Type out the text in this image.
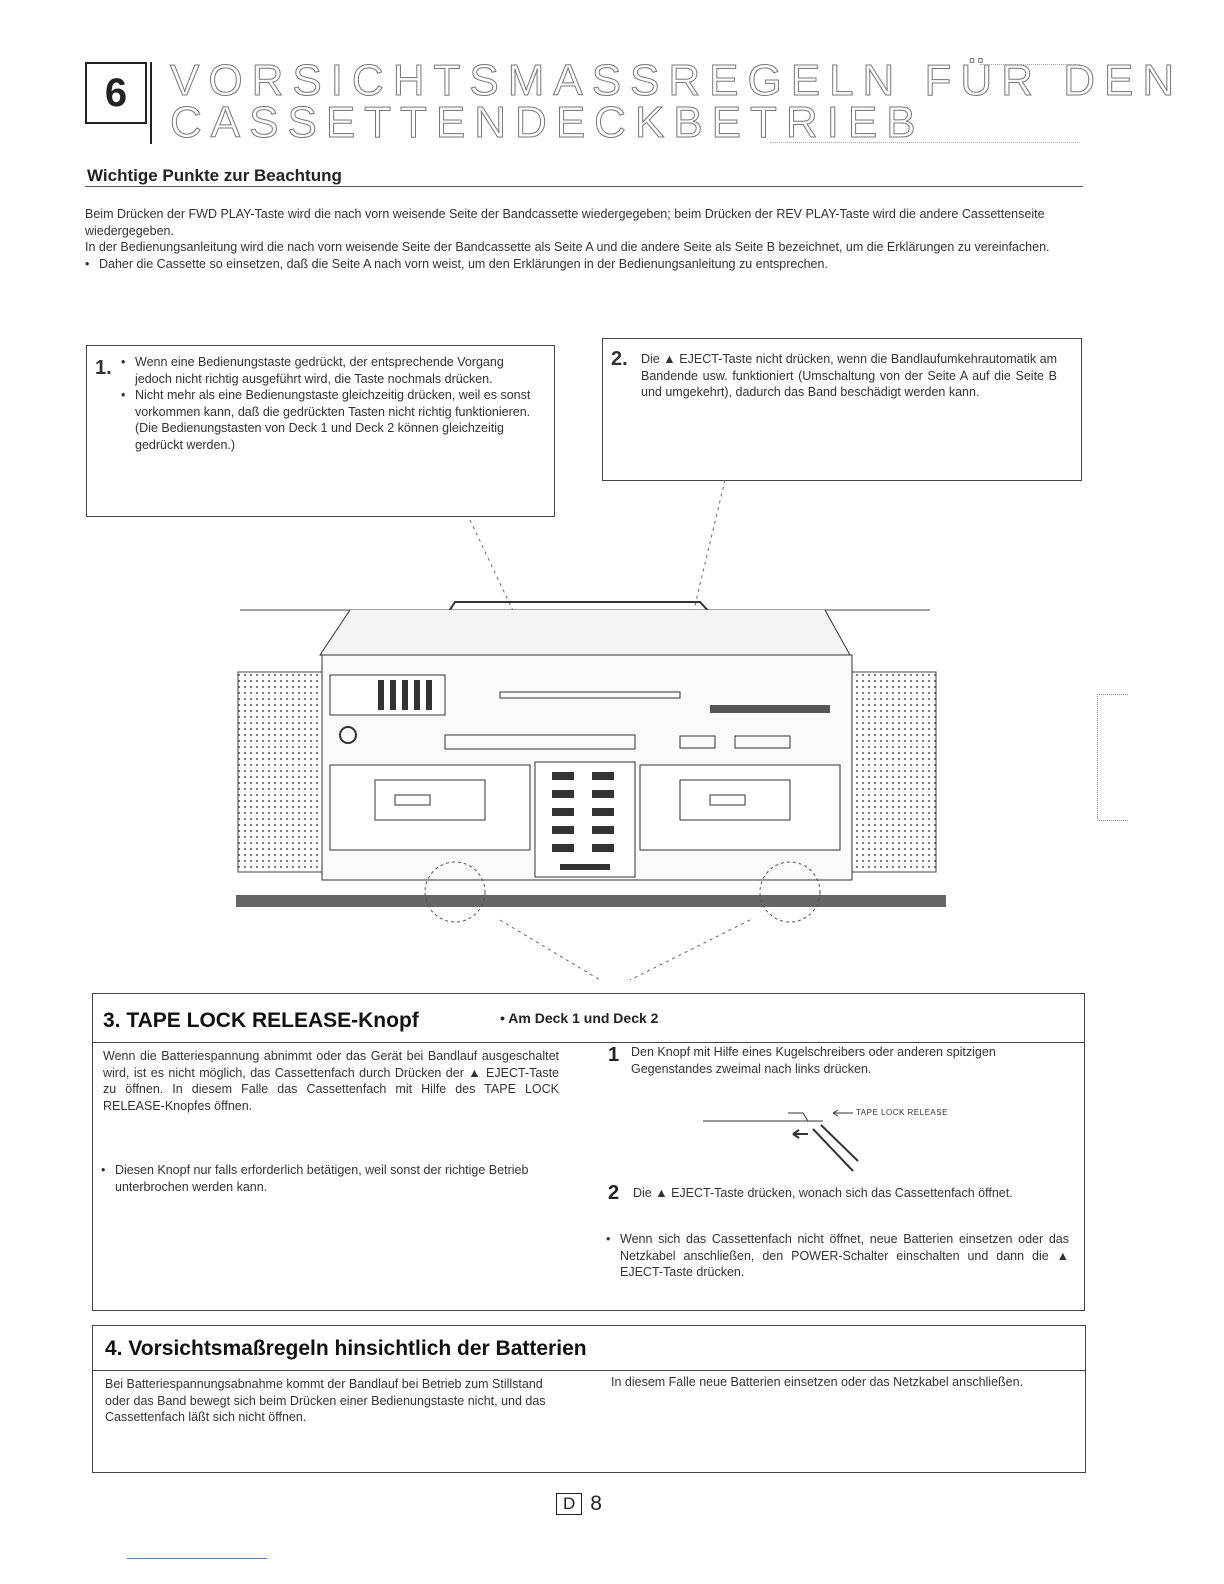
6 VORSICHTSMASSREGELN FÜR DEN
CASSETTENDECKBETRIEB
Wichtige Punkte zur Beachtung

Beim Drücken der FWD PLAY-Taste wird die nach vorn weisende Seite der Bandcassette wiedergegeben; beim Drücken der REV PLAY-Taste wird die andere Cassettenseite wiedergegeben.

In der Bedienungsanleitung wird die nach vorn weisende Seite der Bandcassette als Seite A und die andere Seite als Seite B bezeichnet, um die Erklärungen zu vereinfachen.

• Daher die Cassette so einsetzen, daß die Seite A nach vorn weist, um den Erklärungen in der Bedienungsanleitung zu entsprechen.
1.
•	Wenn eine Bedienungstaste gedrückt, der entsprechende Vorgang jedoch nicht richtig ausgeführt wird, die Taste nochmals drücken.
• Nicht mehr als eine Bedienungstaste gleichzeitig drücken, weil es sonst vorkommen kann, daß die gedrückten Tasten nicht richtig funktionieren.
(Die Bedienungstasten von Deck 1 und Deck 2 können gleichzeitig gedrückt werden.)
2. Die ▲ EJECT-Taste nicht drücken, wenn die Bandlaufumkehrautomatik am Bandende usw. funktioniert (Umschaltung von der Seite A auf die Seite B und umgekehrt), dadurch das Band beschädigt werden kann.
3. TAPE LOCK RELEASE-Knopf	• Am Deck 1 und Deck 2
Wenn die Batteriespannung abnimmt oder das Gerät bei Bandlauf ausgeschaltet wird, ist es nicht möglich, das Cassettenfach durch Drücken der ▲ EJECT-Taste zu öffnen. In diesem Falle das Cassettenfach mit Hilfe des TAPE LOCK RELEASE-Knopfes öffnen.
• Diesen Knopf nur falls erforderlich betätigen, weil sonst der richtige Betrieb unterbrochen werden kann.
1 Den Knopf mit Hilfe eines Kugelschreibers oder anderen spitzigen Gegenstandes zweimal nach links drücken.
TAPE LOCK RELEASE
2 Die ▲ EJECT-Taste drücken, wonach sich das Cassettenfach öffnet.
• Wenn sich das Cassettenfach nicht öffnet, neue Batterien einsetzen oder das Netzkabel anschließen, den POWER-Schalter einschalten und dann die ▲ EJECT-Taste drücken.
4. Vorsichtsmaßregeln hinsichtlich der Batterien
Bei Batteriespannungsabnahme kommt der Bandlauf bei Betrieb zum Stillstand oder das Band bewegt sich beim Drücken einer Bedienungstaste nicht, und das Cassettenfach läßt sich nicht öffnen.
In diesem Falle neue Batterien einsetzen oder das Netzkabel anschließen.
D 8
